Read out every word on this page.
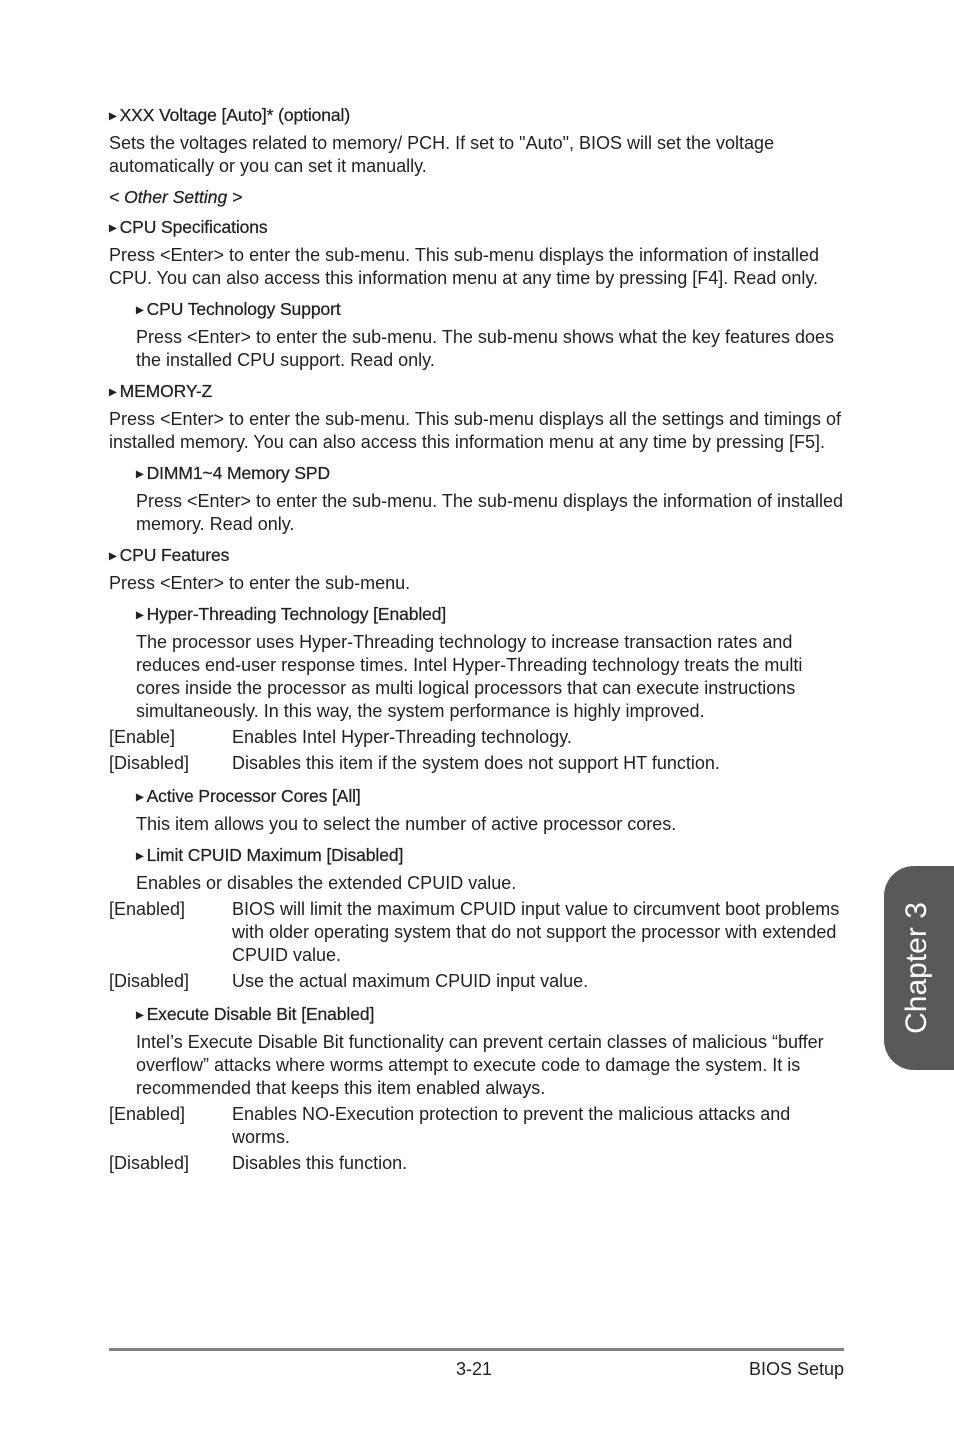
▶ XXX Voltage [Auto]* (optional)
Sets the voltages related to memory/ PCH. If set to "Auto", BIOS will set the voltage automatically or you can set it manually.
< Other Setting >
▶ CPU Specifications
Press <Enter> to enter the sub-menu. This sub-menu displays the information of installed CPU. You can also access this information menu at any time by pressing [F4]. Read only.
▶ CPU Technology Support
Press <Enter> to enter the sub-menu. The sub-menu shows what the key features does the installed CPU support. Read only.
▶ MEMORY-Z
Press <Enter> to enter the sub-menu. This sub-menu displays all the settings and timings of installed memory. You can also access this information menu at any time by pressing [F5].
▶ DIMM1~4 Memory SPD
Press <Enter> to enter the sub-menu. The sub-menu displays the information of installed memory. Read only.
▶ CPU Features
Press <Enter> to enter the sub-menu.
▶ Hyper-Threading Technology [Enabled]
The processor uses Hyper-Threading technology to increase transaction rates and reduces end-user response times. Intel Hyper-Threading technology treats the multi cores inside the processor as multi logical processors that can execute instructions simultaneously. In this way, the system performance is highly improved.
[Enable]	Enables Intel Hyper-Threading technology.
[Disabled]	Disables this item if the system does not support HT function.
▶ Active Processor Cores [All]
This item allows you to select the number of active processor cores.
▶ Limit CPUID Maximum [Disabled]
Enables or disables the extended CPUID value.
[Enabled]	BIOS will limit the maximum CPUID input value to circumvent boot problems with older operating system that do not support the processor with extended CPUID value.
[Disabled]	Use the actual maximum CPUID input value.
▶ Execute Disable Bit [Enabled]
Intel’s Execute Disable Bit functionality can prevent certain classes of malicious “buffer overflow” attacks where worms attempt to execute code to damage the system. It is recommended that keeps this item enabled always.
[Enabled]	Enables NO-Execution protection to prevent the malicious attacks and worms.
[Disabled]	Disables this function.
Chapter 3
3-21	BIOS Setup
